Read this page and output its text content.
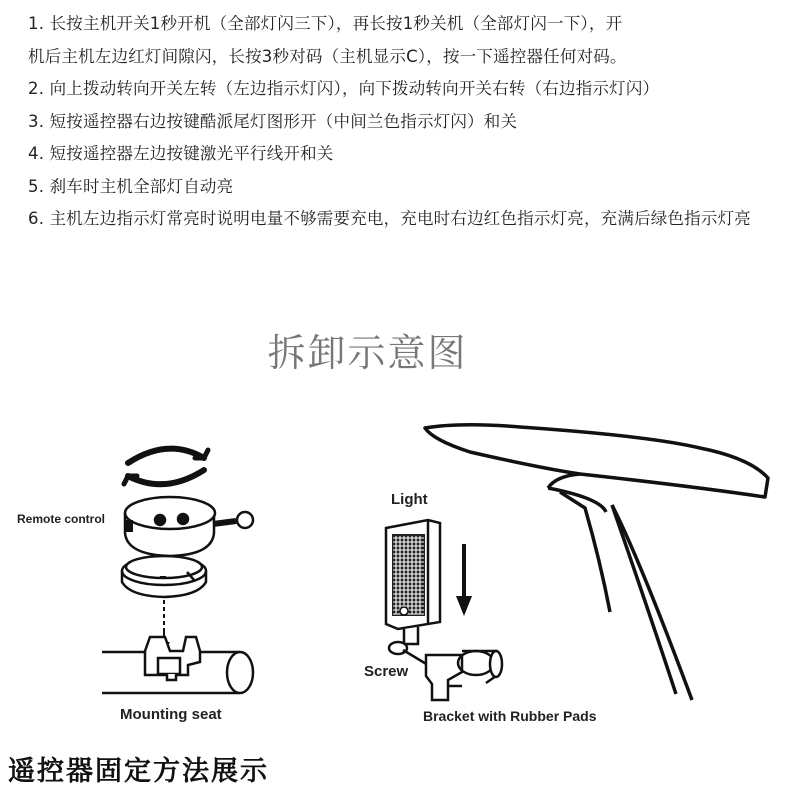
1. 长按主机开关1秒开机（全部灯闪三下），再长按1秒关机（全部灯闪一下），开

机后主机左边红灯间隙闪，长按3秒对码（主机显示C），按一下遥控器任何对码。

2. 向上拨动转向开关左转（左边指示灯闪），向下拨动转向开关右转（右边指示灯闪）

3. 短按遥控器右边按键酷派尾灯图形开（中间兰色指示灯闪）和关

4. 短按遥控器左边按键激光平行线开和关

5. 刹车时主机全部灯自动亮

6. 主机左边指示灯常亮时说明电量不够需要充电，充电时右边红色指示灯亮，充满后绿色指示灯亮

拆卸示意图
Remote control
Mounting seat
Light
Screw
Bracket with Rubber Pads
遥控器固定方法展示
